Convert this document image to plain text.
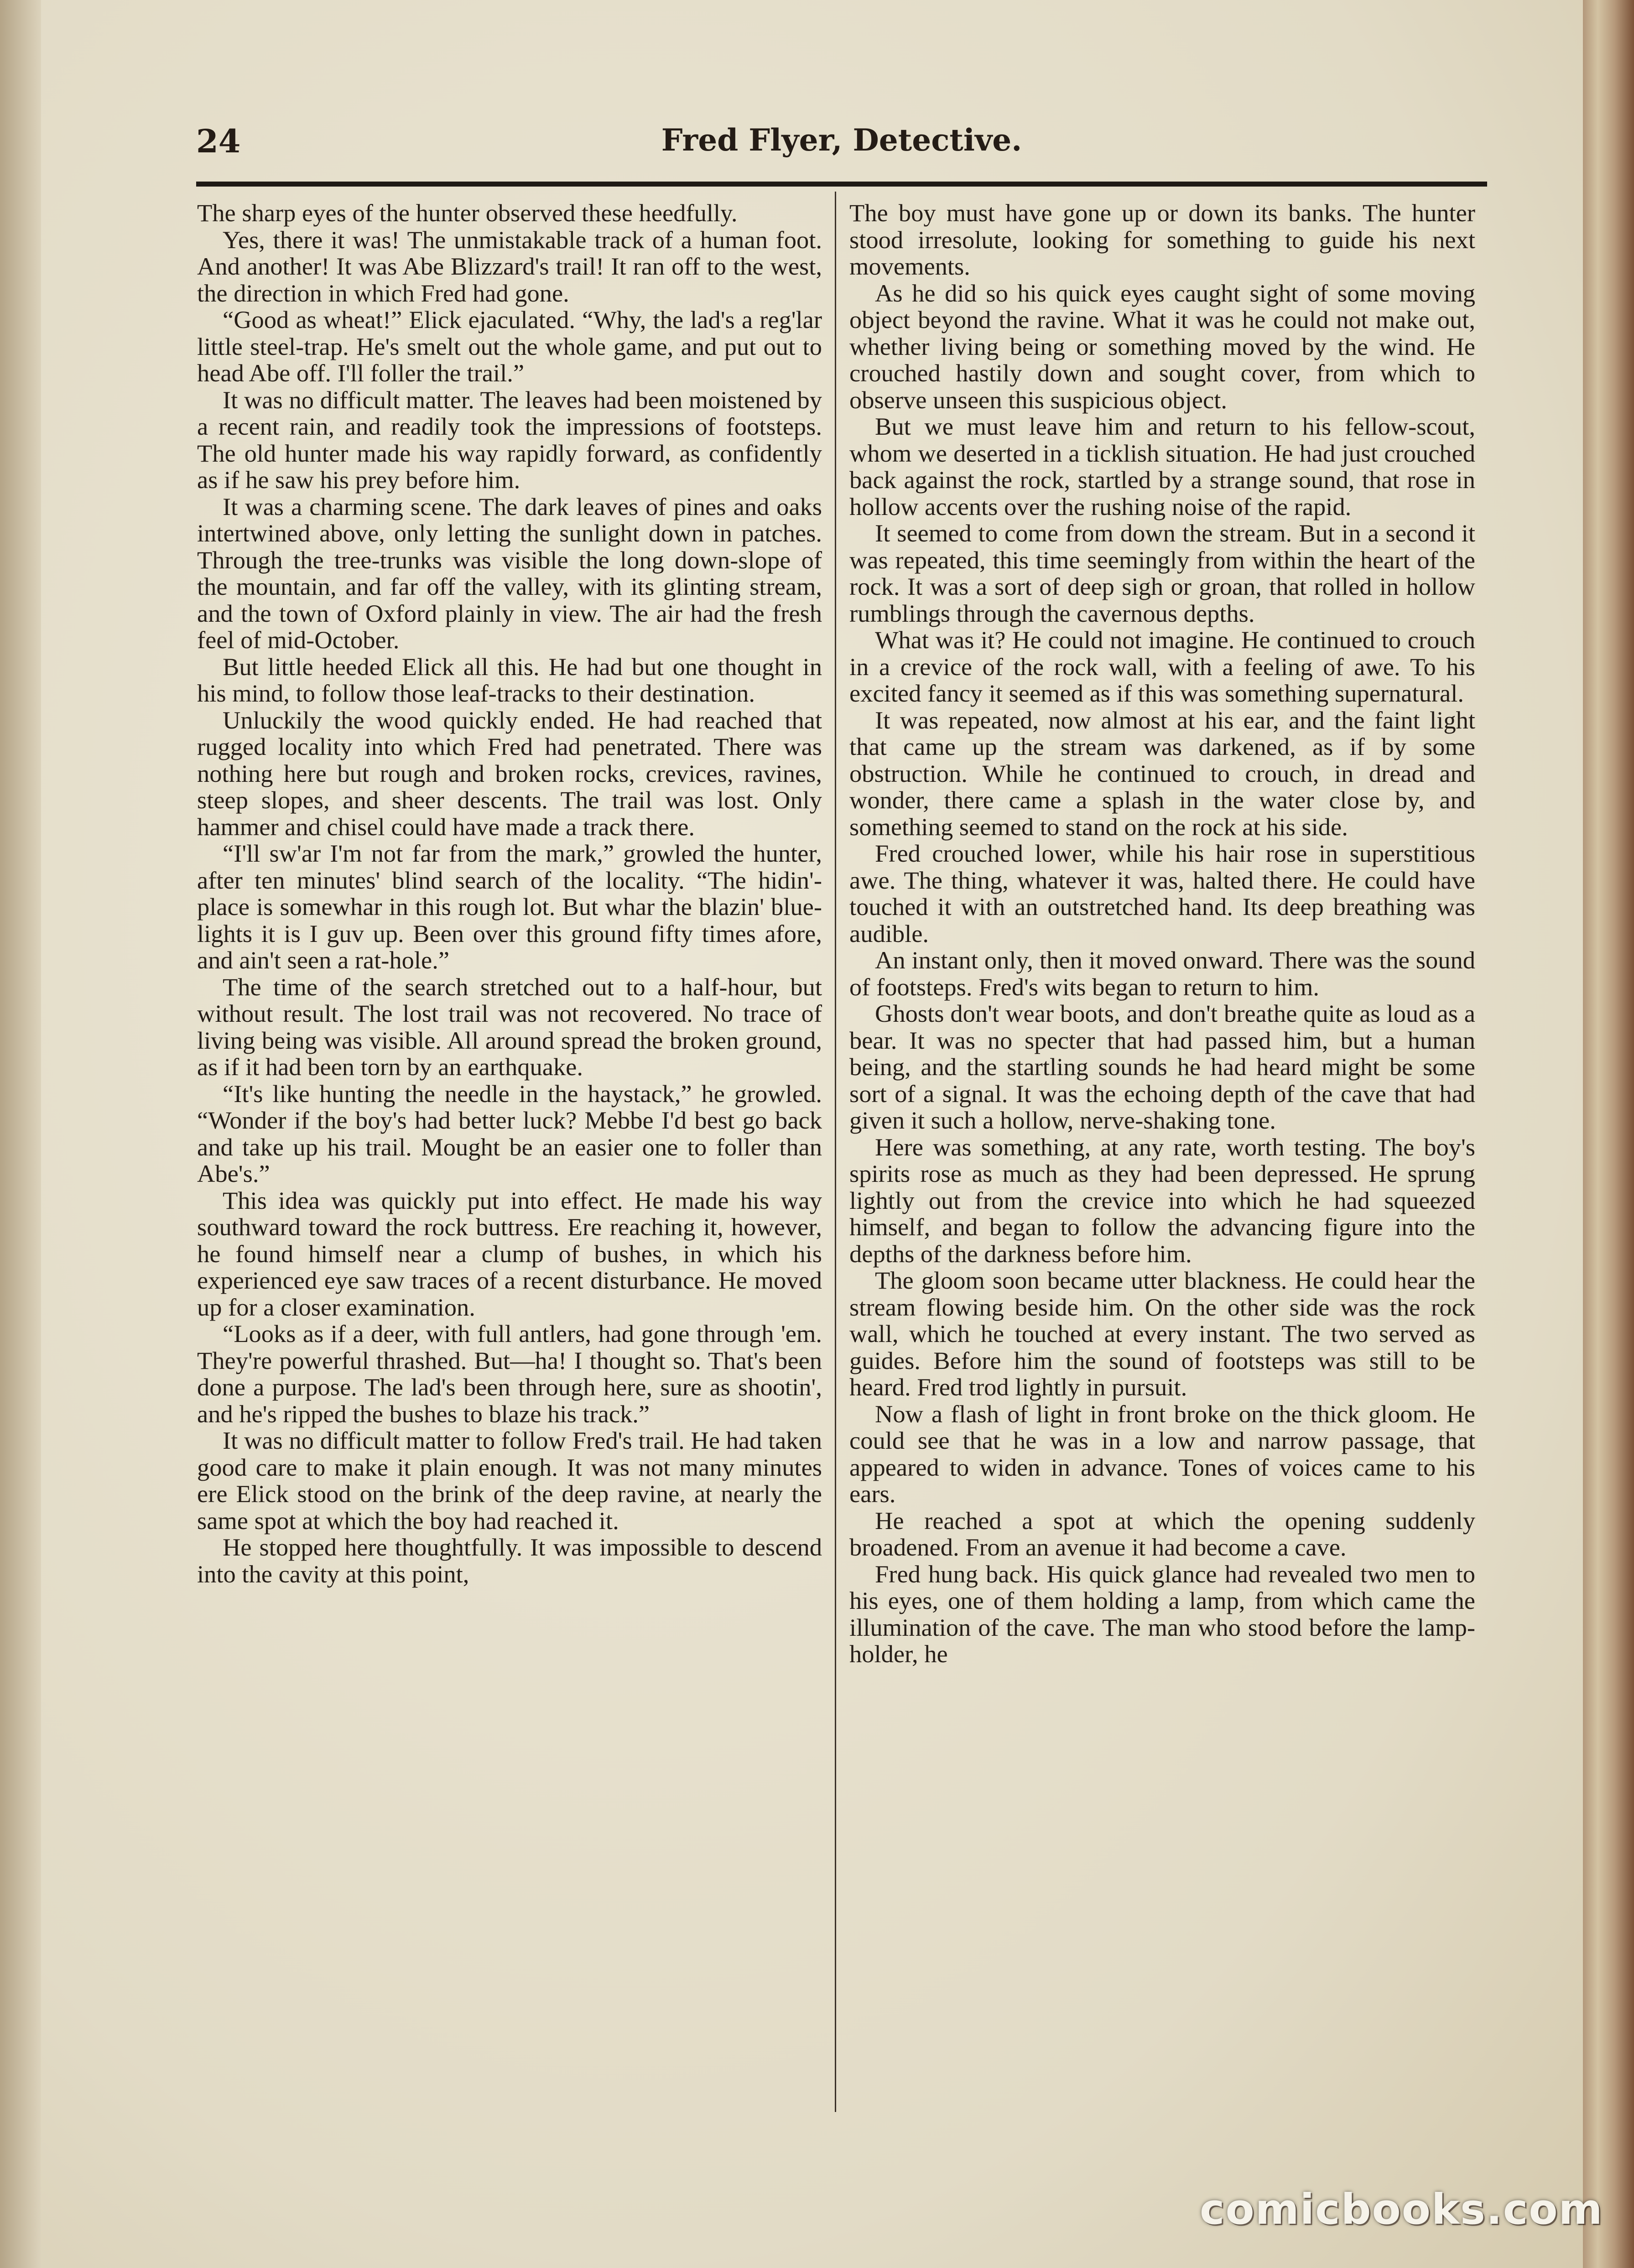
24	Fred Flyer, Detective.

The sharp eyes of the hunter observed these heedfully.

Yes, there it was! The unmistakable track of a human foot. And another! It was Abe Blizzard's trail! It ran off to the west, the direction in which Fred had gone.

“Good as wheat!” Elick ejaculated. “Why, the lad's a reg'lar little steel-trap. He's smelt out the whole game, and put out to head Abe off. I'll foller the trail.”

It was no difficult matter. The leaves had been moistened by a recent rain, and readily took the impressions of footsteps. The old hunter made his way rapidly forward, as confidently as if he saw his prey before him.

It was a charming scene. The dark leaves of pines and oaks intertwined above, only letting the sunlight down in patches. Through the tree-trunks was visible the long down-slope of the mountain, and far off the valley, with its glinting stream, and the town of Oxford plainly in view. The air had the fresh feel of mid-October.

But little heeded Elick all this. He had but one thought in his mind, to follow those leaf-tracks to their destination.

Unluckily the wood quickly ended. He had reached that rugged locality into which Fred had penetrated. There was nothing here but rough and broken rocks, crevices, ravines, steep slopes, and sheer descents. The trail was lost. Only hammer and chisel could have made a track there.

“I'll sw'ar I'm not far from the mark,” growled the hunter, after ten minutes' blind search of the locality. “The hidin'-place is somewhar in this rough lot. But whar the blazin' blue-lights it is I guv up. Been over this ground fifty times afore, and ain't seen a rat-hole.”

The time of the search stretched out to a half-hour, but without result. The lost trail was not recovered. No trace of living being was visible. All around spread the broken ground, as if it had been torn by an earthquake.

“It's like hunting the needle in the haystack,” he growled. “Wonder if the boy's had better luck? Mebbe I'd best go back and take up his trail. Mought be an easier one to foller than Abe's.”

This idea was quickly put into effect. He made his way southward toward the rock buttress. Ere reaching it, however, he found himself near a clump of bushes, in which his experienced eye saw traces of a recent disturbance. He moved up for a closer examination.

“Looks as if a deer, with full antlers, had gone through 'em. They're powerful thrashed. But—ha! I thought so. That's been done a purpose. The lad's been through here, sure as shootin', and he's ripped the bushes to blaze his track.”

It was no difficult matter to follow Fred's trail. He had taken good care to make it plain enough. It was not many minutes ere Elick stood on the brink of the deep ravine, at nearly the same spot at which the boy had reached it.

He stopped here thoughtfully. It was impossible to descend into the cavity at this point,

The boy must have gone up or down its banks. The hunter stood irresolute, looking for something to guide his next movements.

As he did so his quick eyes caught sight of some moving object beyond the ravine. What it was he could not make out, whether living being or something moved by the wind. He crouched hastily down and sought cover, from which to observe unseen this suspicious object.

But we must leave him and return to his fellow-scout, whom we deserted in a ticklish situation. He had just crouched back against the rock, startled by a strange sound, that rose in hollow accents over the rushing noise of the rapid.

It seemed to come from down the stream. But in a second it was repeated, this time seemingly from within the heart of the rock. It was a sort of deep sigh or groan, that rolled in hollow rumblings through the cavernous depths.

What was it? He could not imagine. He continued to crouch in a crevice of the rock wall, with a feeling of awe. To his excited fancy it seemed as if this was something supernatural.

It was repeated, now almost at his ear, and the faint light that came up the stream was darkened, as if by some obstruction. While he continued to crouch, in dread and wonder, there came a splash in the water close by, and something seemed to stand on the rock at his side.

Fred crouched lower, while his hair rose in superstitious awe. The thing, whatever it was, halted there. He could have touched it with an outstretched hand. Its deep breathing was audible.

An instant only, then it moved onward. There was the sound of footsteps. Fred's wits began to return to him.

Ghosts don't wear boots, and don't breathe quite as loud as a bear. It was no specter that had passed him, but a human being, and the startling sounds he had heard might be some sort of a signal. It was the echoing depth of the cave that had given it such a hollow, nerve-shaking tone.

Here was something, at any rate, worth testing. The boy's spirits rose as much as they had been depressed. He sprung lightly out from the crevice into which he had squeezed himself, and began to follow the advancing figure into the depths of the darkness before him.

The gloom soon became utter blackness. He could hear the stream flowing beside him. On the other side was the rock wall, which he touched at every instant. The two served as guides. Before him the sound of footsteps was still to be heard. Fred trod lightly in pursuit.

Now a flash of light in front broke on the thick gloom. He could see that he was in a low and narrow passage, that appeared to widen in advance. Tones of voices came to his ears.

He reached a spot at which the opening suddenly broadened. From an avenue it had become a cave.

Fred hung back. His quick glance had revealed two men to his eyes, one of them holding a lamp, from which came the illumination of the cave. The man who stood before the lamp-holder, he

comicbooks.com
